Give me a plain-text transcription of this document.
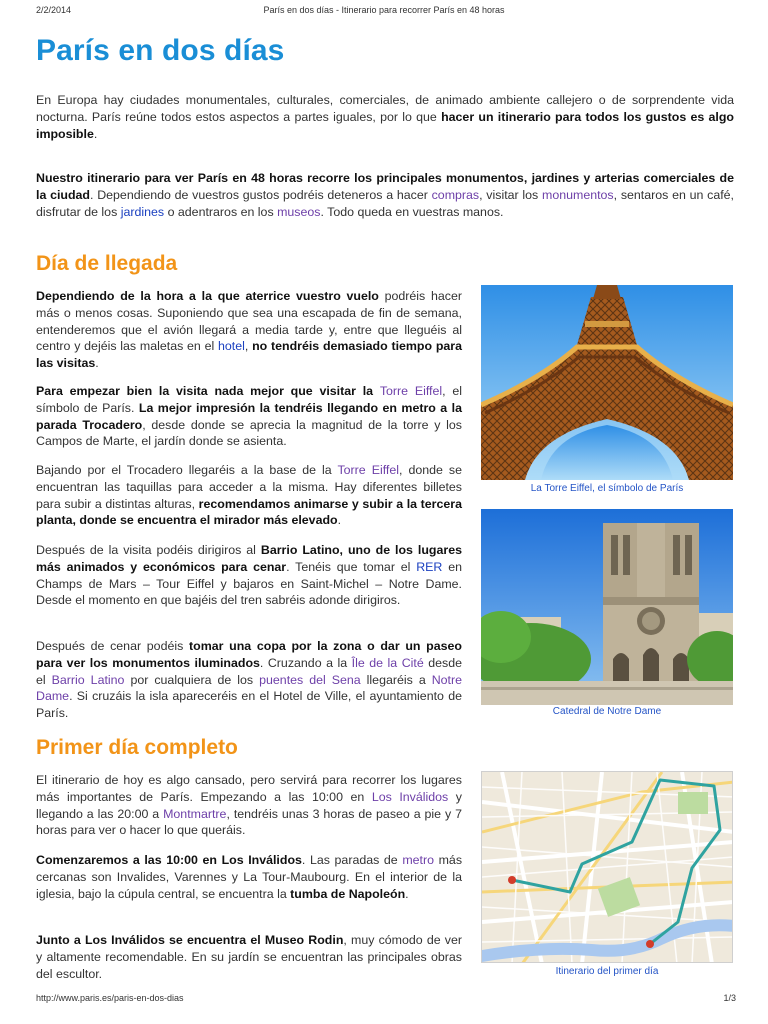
2/2/2014	París en dos días - Itinerario para recorrer París en 48 horas
París en dos días

En Europa hay ciudades monumentales, culturales, comerciales, de animado ambiente callejero o de sorprendente vida nocturna. París reúne todos estos aspectos a partes iguales, por lo que hacer un itinerario para todos los gustos es algo imposible.

Nuestro itinerario para ver París en 48 horas recorre los principales monumentos, jardines y arterias comerciales de la ciudad. Dependiendo de vuestros gustos podréis deteneros a hacer compras, visitar los monumentos, sentaros en un café, disfrutar de los jardines o adentraros en los museos. Todo queda en vuestras manos.

Día de llegada

Dependiendo de la hora a la que aterrice vuestro vuelo podréis hacer más o menos cosas. Suponiendo que sea una escapada de fin de semana, entenderemos que el avión llegará a media tarde y, entre que lleguéis al centro y dejéis las maletas en el hotel, no tendréis demasiado tiempo para las visitas.

Para empezar bien la visita nada mejor que visitar la Torre Eiffel, el símbolo de París. La mejor impresión la tendréis llegando en metro a la parada Trocadero, desde donde se aprecia la magnitud de la torre y los Campos de Marte, el jardín donde se asienta.

Bajando por el Trocadero llegaréis a la base de la Torre Eiffel, donde se encuentran las taquillas para acceder a la misma. Hay diferentes billetes para subir a distintas alturas, recomendamos animarse y subir a la tercera planta, donde se encuentra el mirador más elevado.

Después de la visita podéis dirigiros al Barrio Latino, uno de los lugares más animados y económicos para cenar. Tenéis que tomar el RER en Champs de Mars – Tour Eiffel y bajaros en Saint-Michel – Notre Dame. Desde el momento en que bajéis del tren sabréis adonde dirigiros.

Después de cenar podéis tomar una copa por la zona o dar un paseo para ver los monumentos iluminados. Cruzando a la Île de la Cité desde el Barrio Latino por cualquiera de los puentes del Sena llegaréis a Notre Dame. Si cruzáis la isla apareceréis en el Hotel de Ville, el ayuntamiento de París.

Primer día completo

El itinerario de hoy es algo cansado, pero servirá para recorrer los lugares más importantes de París. Empezando a las 10:00 en Los Inválidos y llegando a las 20:00 a Montmartre, tendréis unas 3 horas de paseo a pie y 7 horas para ver o hacer lo que queráis.

Comenzaremos a las 10:00 en Los Inválidos. Las paradas de metro más cercanas son Invalides, Varennes y La Tour-Maubourg. En el interior de la iglesia, bajo la cúpula central, se encuentra la tumba de Napoleón.

Junto a Los Inválidos se encuentra el Museo Rodin, muy cómodo de ver y altamente recomendable. En su jardín se encuentran las principales obras del escultor.

La Torre Eiffel, el símbolo de París
Catedral de Notre Dame
Itinerario del primer día
http://www.paris.es/paris-en-dos-dias	1/3
